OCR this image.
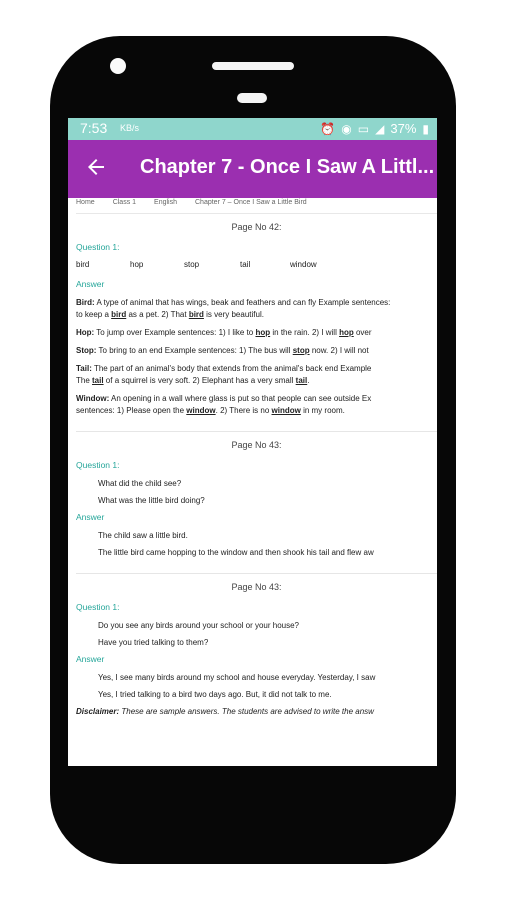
7:53 KB/s	⏰ ◉ ▭ ◢ 37% ▮
Chapter 7 - Once I Saw A Littl...
Home	Class 1	English	Chapter 7 – Once I Saw a Little Bird
Page No 42:
Question 1:
bird	hop	stop	tail	window
Answer
Bird: A type of animal that has wings, beak and feathers and can fly Example sentences:
to keep a bird as a pet. 2) That bird is very beautiful.
Hop: To jump over Example sentences: 1) I like to hop in the rain. 2) I will hop over
Stop: To bring to an end Example sentences: 1) The bus will stop now. 2) I will not
Tail: The part of an animal's body that extends from the animal's back end Example
The tail of a squirrel is very soft. 2) Elephant has a very small tail.
Window: An opening in a wall where glass is put so that people can see outside Ex
sentences: 1) Please open the window. 2) There is no window in my room.
Page No 43:
Question 1:
• What did the child see?
• What was the little bird doing?
Answer
• The child saw a little bird.
• The little bird came hopping to the window and then shook his tail and flew aw
Page No 43:
Question 1:
• Do you see any birds around your school or your house?
• Have you tried talking to them?
Answer
• Yes, I see many birds around my school and house everyday. Yesterday, I saw
• Yes, I tried talking to a bird two days ago. But, it did not talk to me.
Disclaimer: These are sample answers. The students are advised to write the answ
